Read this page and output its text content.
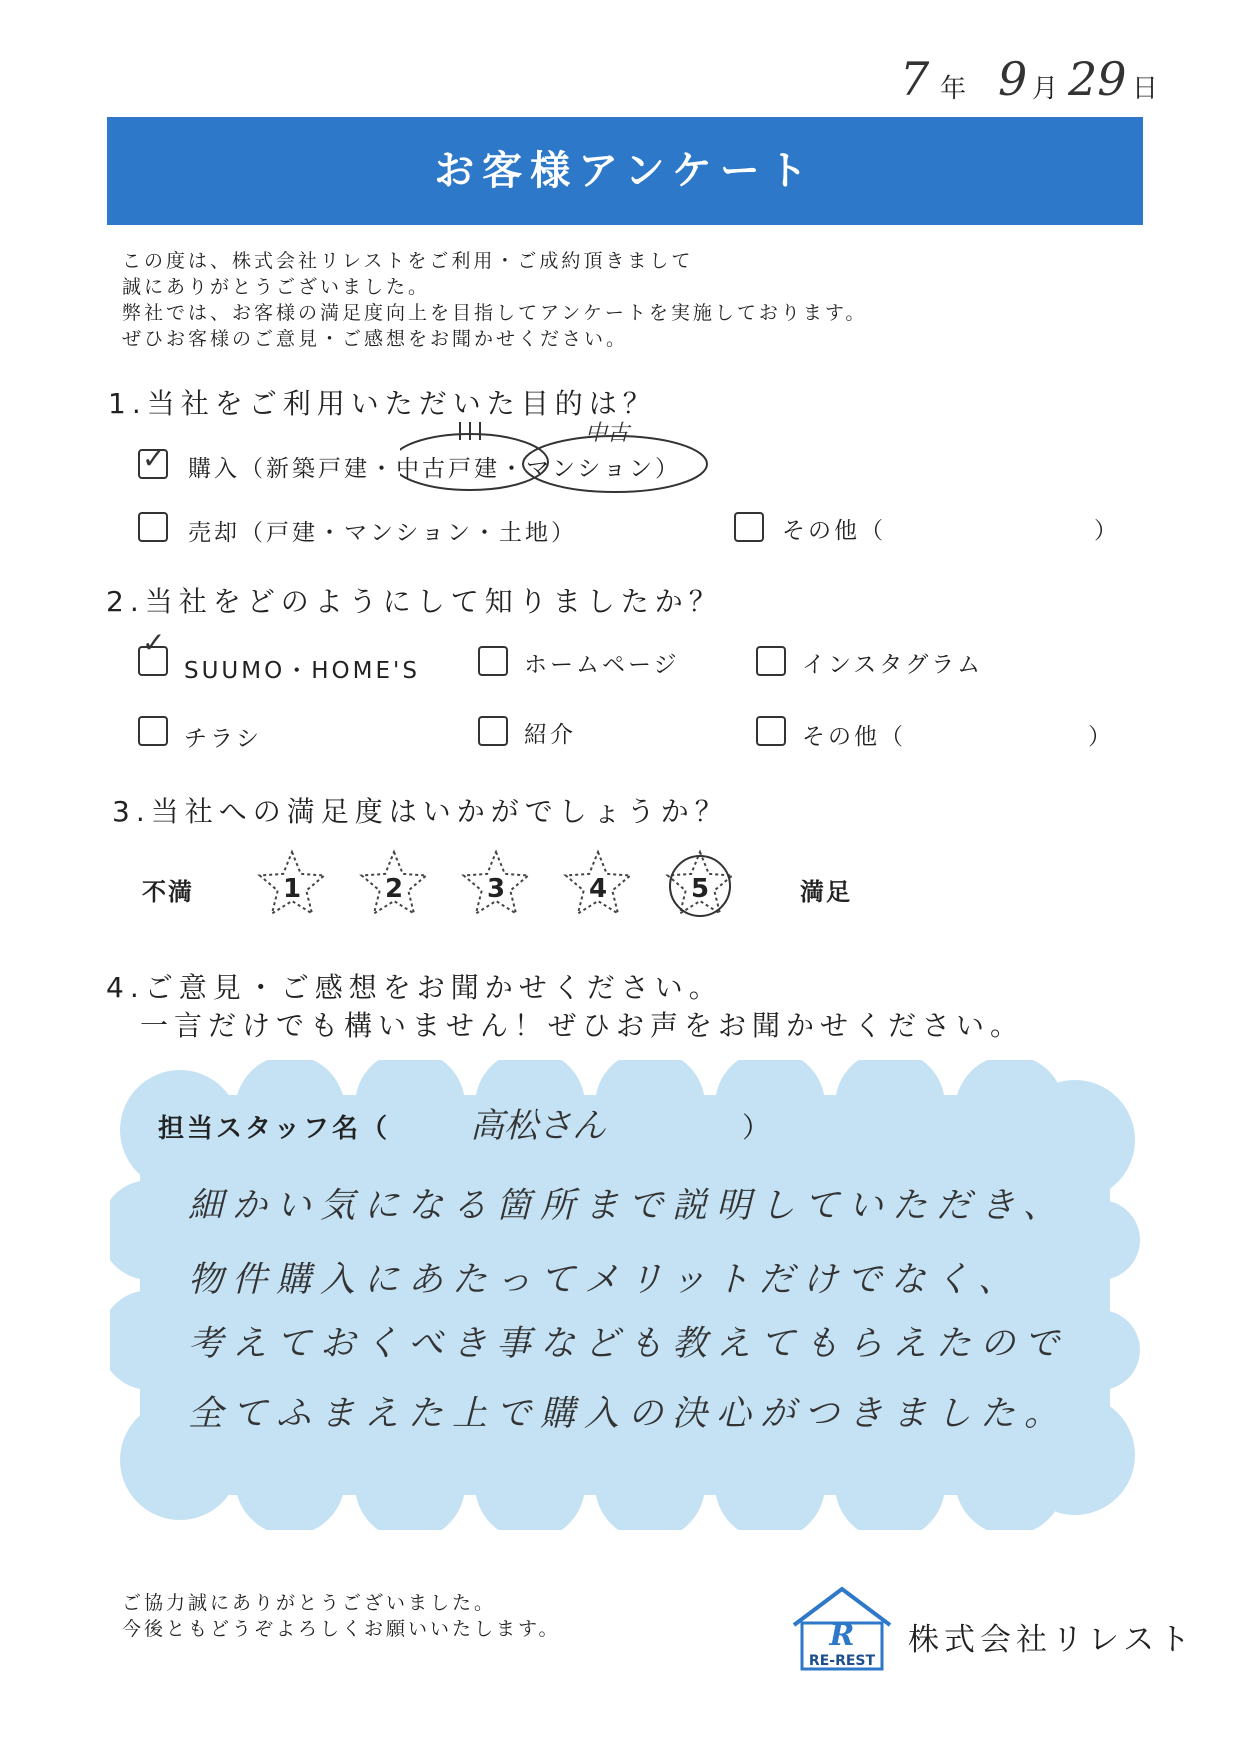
7 年 9 月 29 日
お客様アンケート
この度は、株式会社リレストをご利用・ご成約頂きまして
誠にありがとうございました。
弊社では、お客様の満足度向上を目指してアンケートを実施しております。
ぜひお客様のご意見・ご感想をお聞かせください。
1.当社をご利用いただいた目的は？
✓ 購入（新築戸建・中古戸建・マンション）
中古
売却（戸建・マンション・土地）	その他（　　　　　　　　）
2.当社をどのようにして知りましたか？
✓
SUUMO・HOME'S	ホームページ	インスタグラム
チラシ	紹介	その他（　　　　　　　）
3.当社への満足度はいかがでしょうか？
不満	満足
1	2	3	4	5
4.ご意見・ご感想をお聞かせください。
一言だけでも構いません！ぜひお声をお聞かせください。
担当スタッフ名（ 高松さん	）
細かい気になる箇所まで説明していただき、
物件購入にあたってメリットだけでなく、
考えておくべき事なども教えてもらえたので
全てふまえた上で購入の決心がつきました。
ご協力誠にありがとうございました。
今後ともどうぞよろしくお願いいたします。	R
RE-REST
株式会社リレスト
